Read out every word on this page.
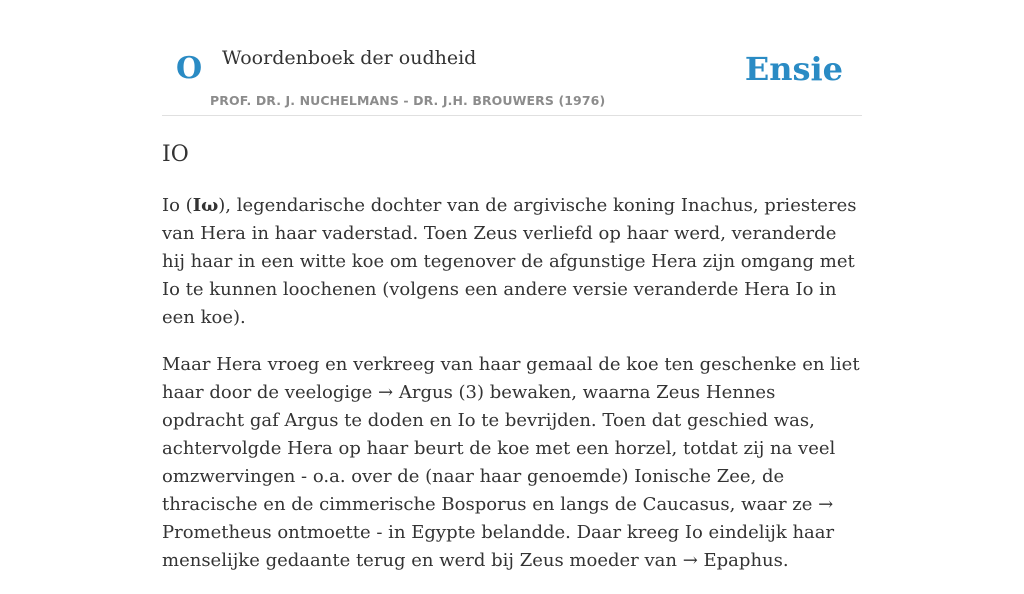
O Woordenboek der oudheid	Ensie
PROF. DR. J. NUCHELMANS - DR. J.H. BROUWERS (1976)
IO

Io (Iω), legendarische dochter van de argivische koning Inachus, priesteres van Hera in haar vaderstad. Toen Zeus verliefd op haar werd, veranderde hij haar in een witte koe om tegenover de afgunstige Hera zijn omgang met Io te kunnen loochenen (volgens een andere versie veranderde Hera Io in een koe).

Maar Hera vroeg en verkreeg van haar gemaal de koe ten geschenke en liet haar door de veelogige → Argus (3) bewaken, waarna Zeus Hennes opdracht gaf Argus te doden en Io te bevrijden. Toen dat geschied was, achtervolgde Hera op haar beurt de koe met een horzel, totdat zij na veel omzwervingen - o.a. over de (naar haar genoemde) Ionische Zee, de thracische en de cimmerische Bosporus en langs de Caucasus, waar ze → Prometheus ontmoette - in Egypte belandde. Daar kreeg Io eindelijk haar menselijke gedaante terug en werd bij Zeus moeder van → Epaphus.
